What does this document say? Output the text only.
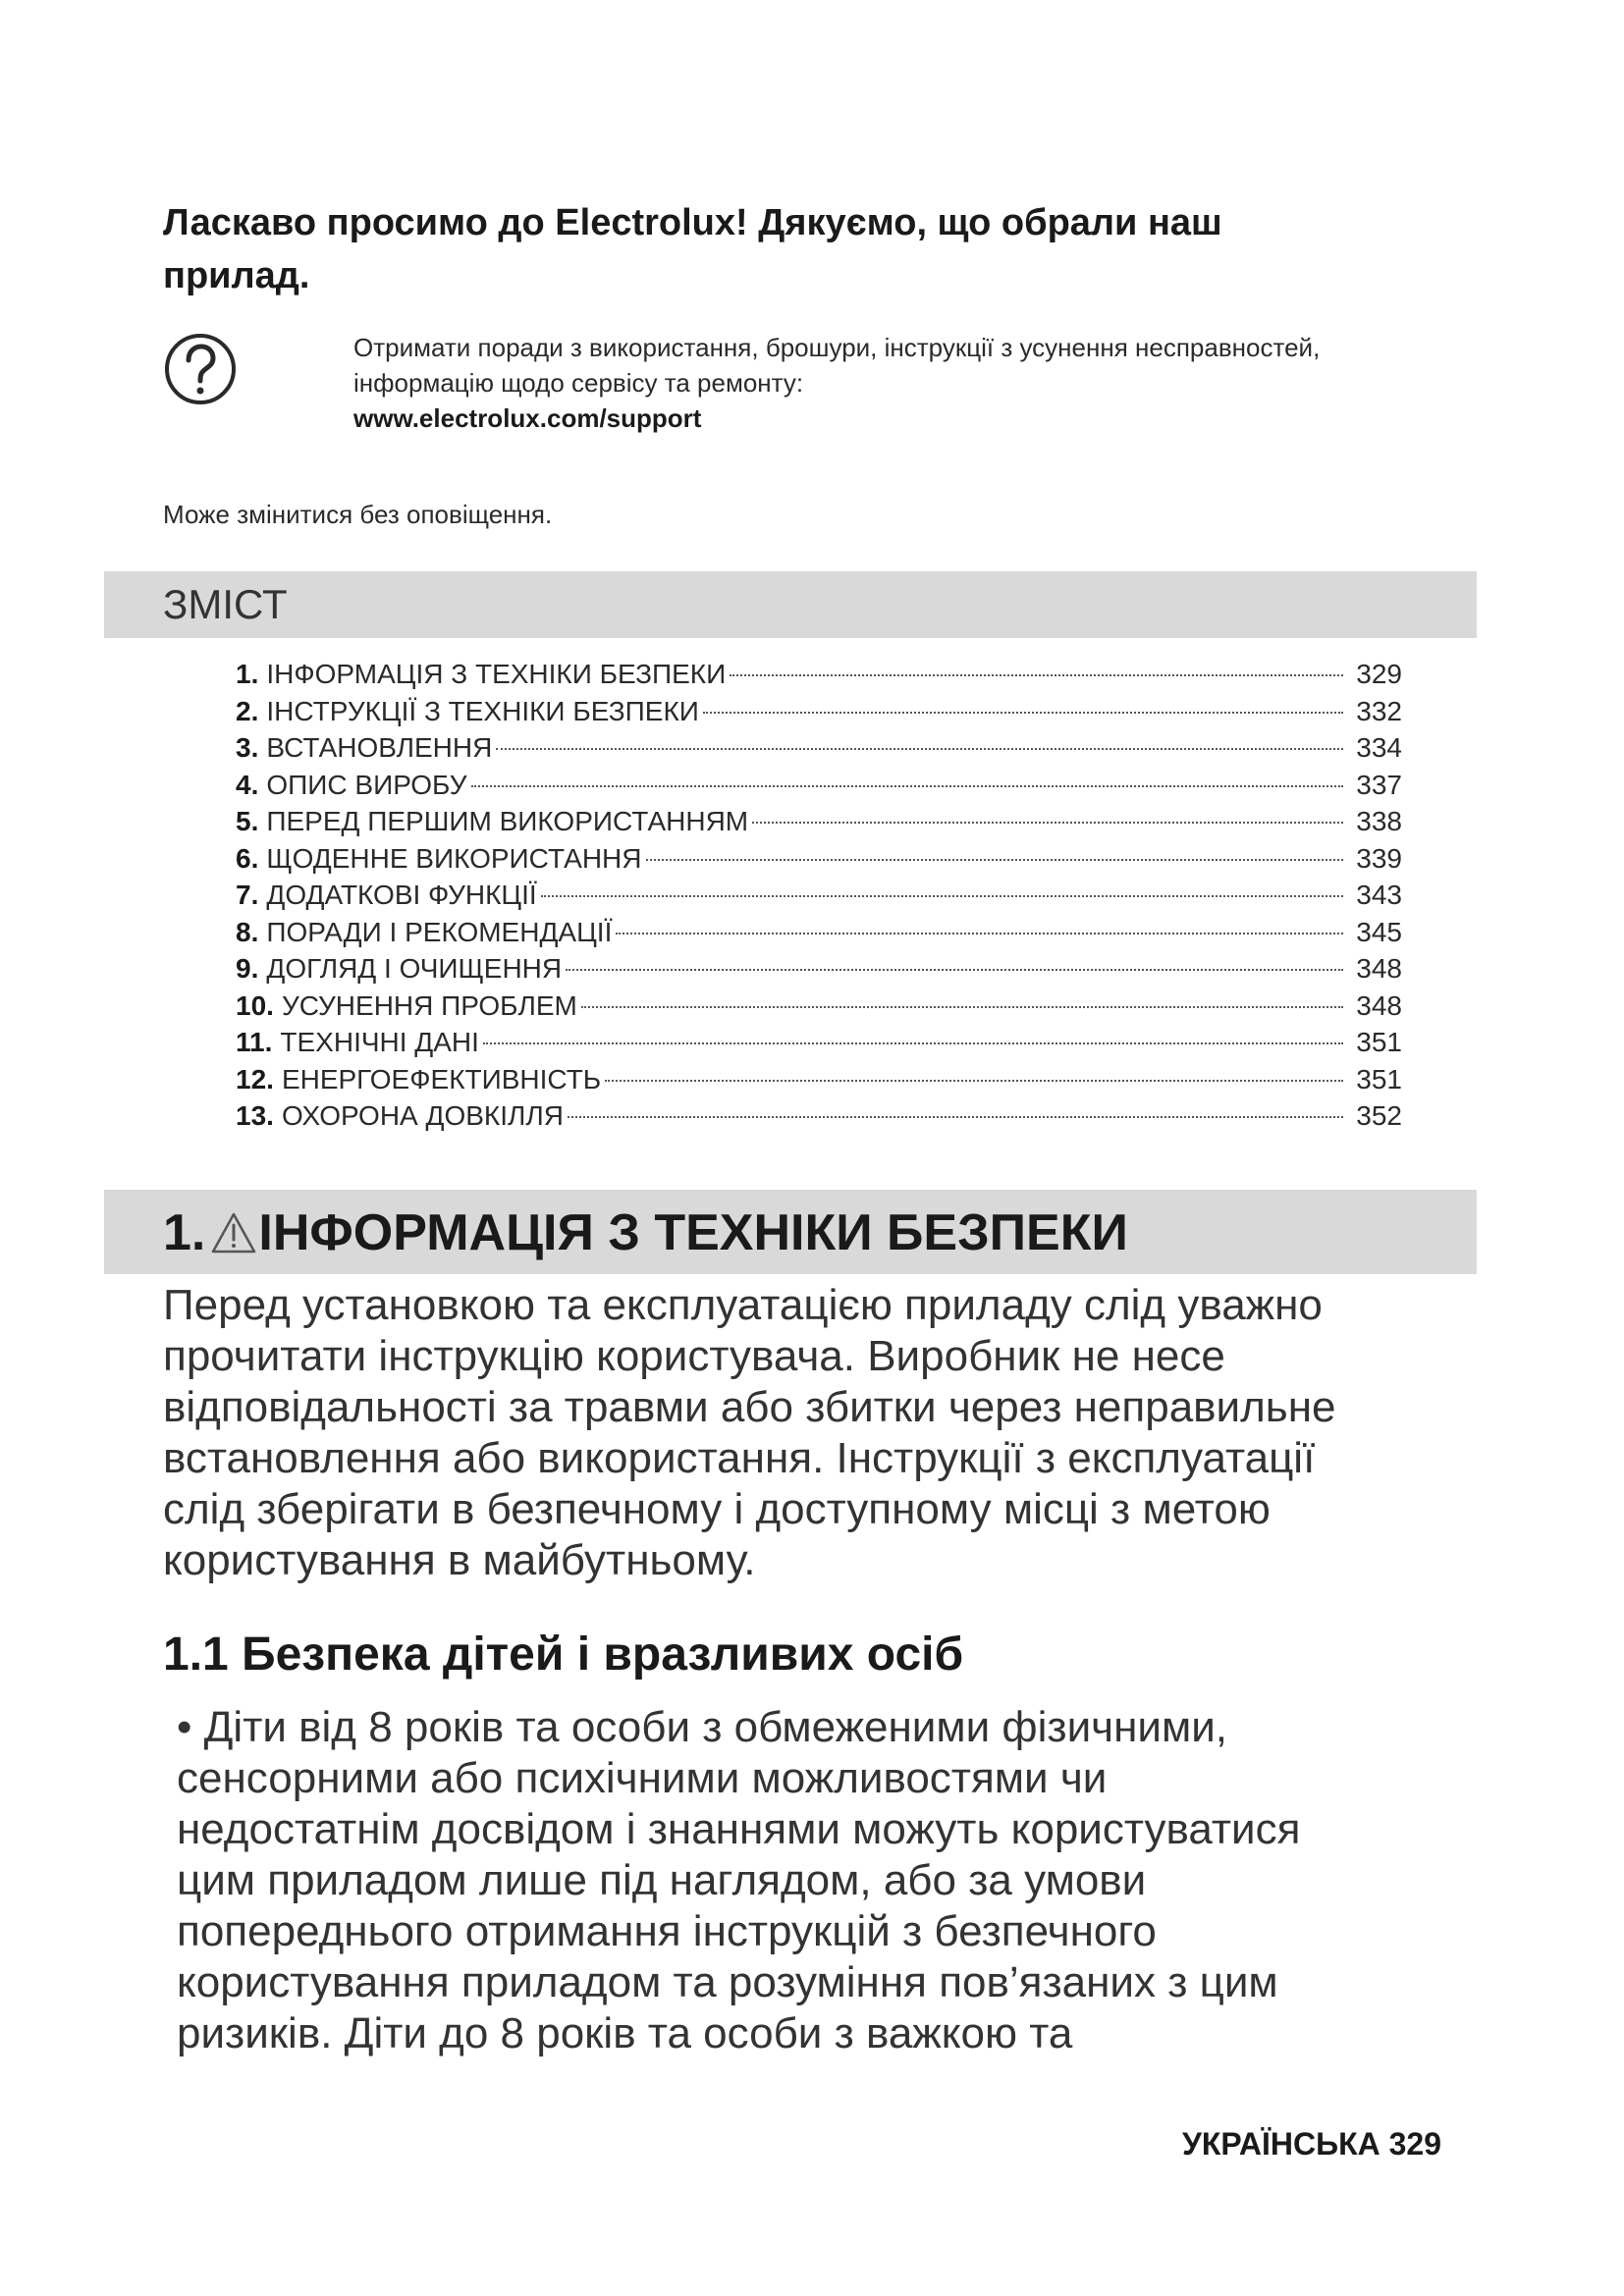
Ласкаво просимо до Electrolux! Дякуємо, що обрали наш
прилад.
Отримати поради з використання, брошури, інструкції з усунення несправностей,
інформацію щодо сервісу та ремонту:
www.electrolux.com/support
Може змінитися без оповіщення.
ЗМІСТ
1. ІНФОРМАЦІЯ З ТЕХНІКИ БЕЗПЕКИ	329
2. ІНСТРУКЦІЇ З ТЕХНІКИ БЕЗПЕКИ	332
3. ВСТАНОВЛЕННЯ	334
4. ОПИС ВИРОБУ	337
5. ПЕРЕД ПЕРШИМ ВИКОРИСТАННЯМ	338
6. ЩОДЕННЕ ВИКОРИСТАННЯ	339
7. ДОДАТКОВІ ФУНКЦІЇ	343
8. ПОРАДИ І РЕКОМЕНДАЦІЇ	345
9. ДОГЛЯД І ОЧИЩЕННЯ	348
10. УСУНЕННЯ ПРОБЛЕМ	348
11. ТЕХНІЧНІ ДАНІ	351
12. ЕНЕРГОЕФЕКТИВНІСТЬ	351
13. ОХОРОНА ДОВКІЛЛЯ	352
1. ІНФОРМАЦІЯ З ТЕХНІКИ БЕЗПЕКИ
Перед установкою та експлуатацією приладу слід уважно
прочитати інструкцію користувача. Виробник не несе
відповідальності за травми або збитки через неправильне
встановлення або використання. Інструкції з експлуатації
слід зберігати в безпечному і доступному місці з метою
користування в майбутньому.
1.1 Безпека дітей і вразливих осіб
• Діти від 8 років та особи з обмеженими фізичними,
сенсорними або психічними можливостями чи
недостатнім досвідом і знаннями можуть користуватися
цим приладом лише під наглядом, або за умови
попереднього отримання інструкцій з безпечного
користування приладом та розуміння пов’язаних з цим
ризиків. Діти до 8 років та особи з важкою та
УКРАЇНСЬКА 329
